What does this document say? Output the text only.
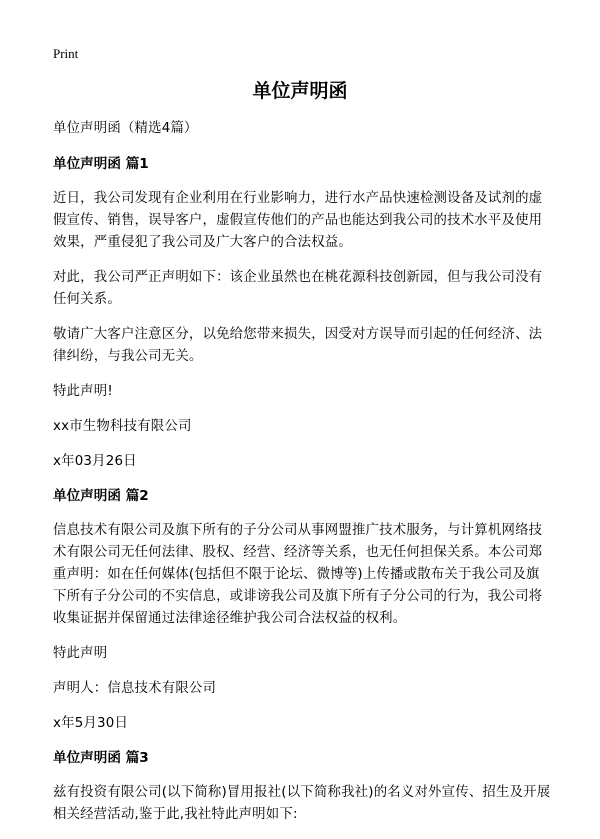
Print
单位声明函
单位声明函（精选4篇）
单位声明函 篇1
近日，我公司发现有企业利用在行业影响力，进行水产品快速检测设备及试剂的虚假宣传、销售，误导客户，虚假宣传他们的产品也能达到我公司的技术水平及使用效果，严重侵犯了我公司及广大客户的合法权益。
对此，我公司严正声明如下：该企业虽然也在桃花源科技创新园，但与我公司没有任何关系。
敬请广大客户注意区分，以免给您带来损失，因受对方误导而引起的任何经济、法律纠纷，与我公司无关。
特此声明!
xx市生物科技有限公司
x年03月26日
单位声明函 篇2
信息技术有限公司及旗下所有的子分公司从事网盟推广技术服务，与计算机网络技术有限公司无任何法律、股权、经营、经济等关系，也无任何担保关系。本公司郑重声明：如在任何媒体(包括但不限于论坛、微博等)上传播或散布关于我公司及旗下所有子分公司的不实信息，或诽谤我公司及旗下所有子分公司的行为，我公司将收集证据并保留通过法律途径维护我公司合法权益的权利。
特此声明
声明人：信息技术有限公司
x年5月30日
单位声明函 篇3
兹有投资有限公司(以下简称)冒用报社(以下简称我社)的名义对外宣传、招生及开展相关经营活动,鉴于此,我社特此声明如下:
